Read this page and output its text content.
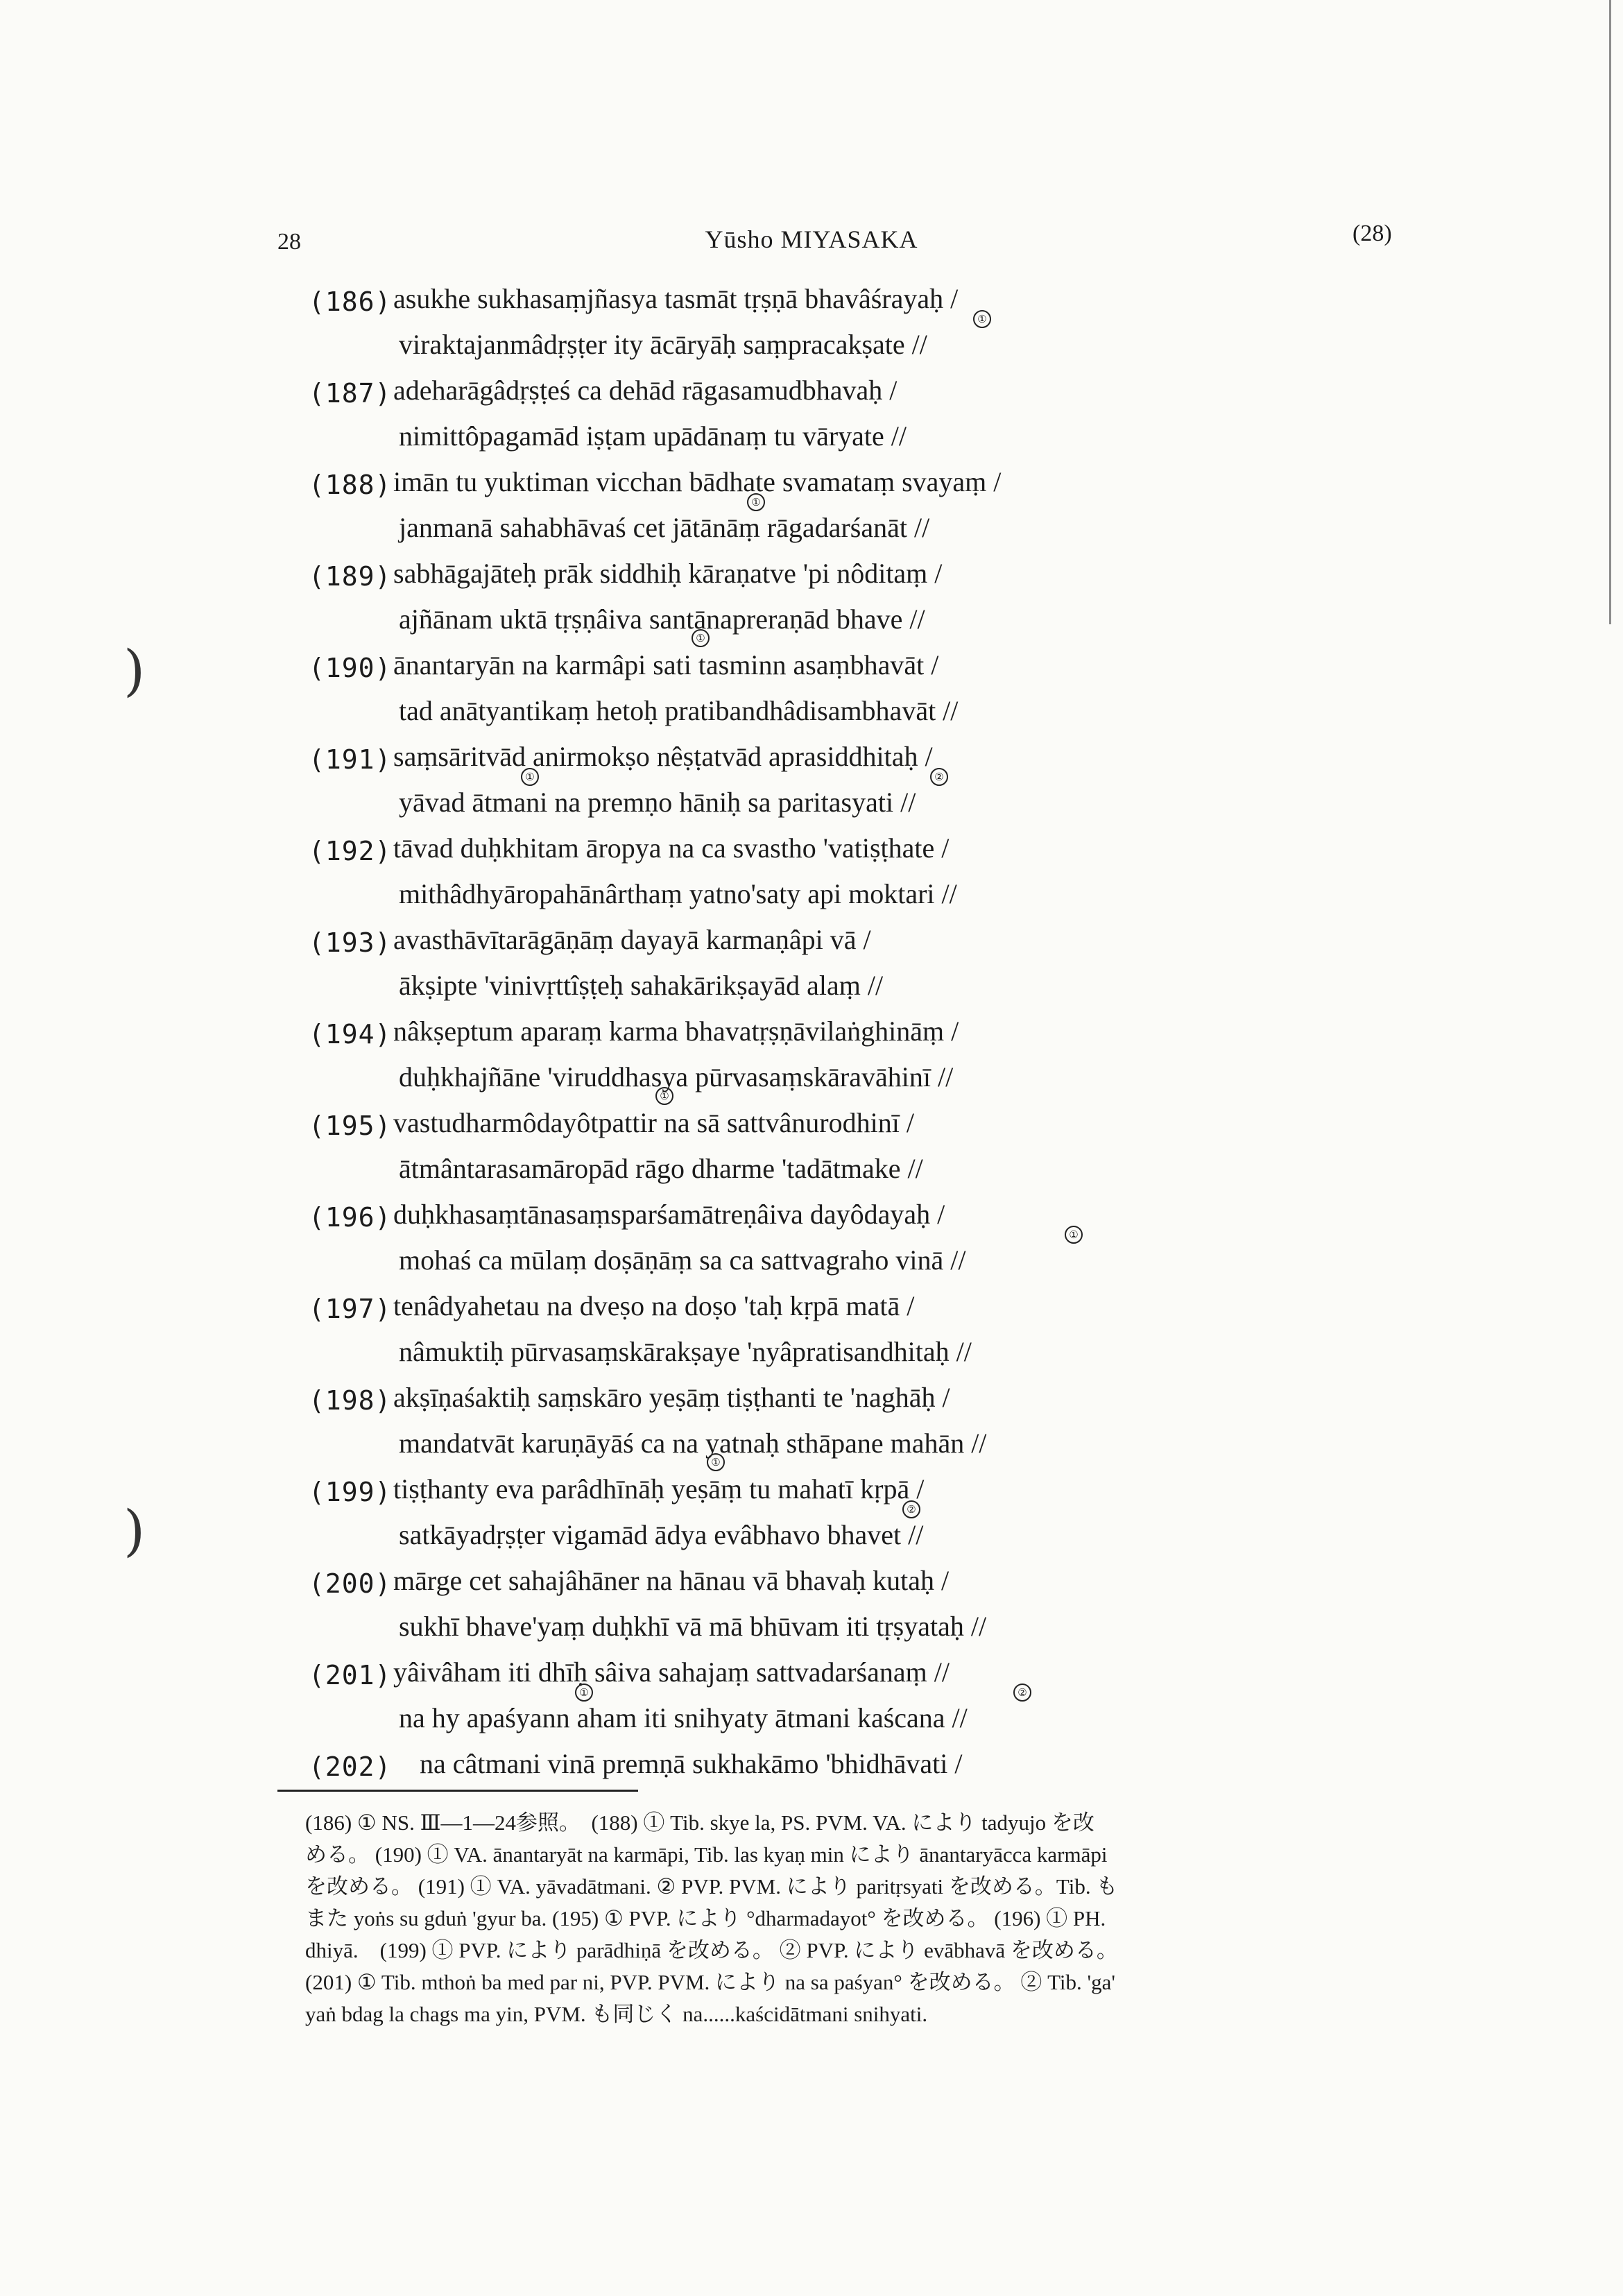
28	Yūsho MIYASAKA	(28)
(186) asukhe sukhasaṃjñasya tasmāt tṛṣṇā bhavâśrayaḥ /
viraktajanmâdṛṣṭer ity ācāryāḥ saṃpracakṣate //
①
(187) adeharāgâdṛṣṭeś ca dehād rāgasamudbhavaḥ /
nimittôpagamād iṣṭam upādānaṃ tu vāryate //
(188) imān tu yuktiman vicchan bādhate svamataṃ svayaṃ /
janmanā sahabhāvaś cet jātānāṃ rāgadarśanāt //
①
(189) sabhāgajāteḥ prāk siddhiḥ kāraṇatve 'pi nôditaṃ /
ajñānam uktā tṛṣṇâiva santānapreraṇād bhave //
(190) ānantaryān na karmâpi sati tasminn asaṃbhavāt /
tad anātyantikaṃ hetoḥ pratibandhâdisambhavāt //
①
(191) saṃsāritvād anirmokṣo nêṣṭatvād aprasiddhitaḥ /
yāvad ātmani na premṇo hāniḥ sa paritasyati //
①	②
(192) tāvad duḥkhitam āropya na ca svastho 'vatiṣṭhate /
mithâdhyāropahānârthaṃ yatno'saty api moktari //
(193) avasthāvītarāgāṇāṃ dayayā karmaṇâpi vā /
ākṣipte 'vinivṛttîṣṭeḥ sahakārikṣayād alaṃ //
(194) nâkṣeptum aparaṃ karma bhavatṛṣṇāvilaṅghināṃ /
duḥkhajñāne 'viruddhasya pūrvasaṃskāravāhinī //
(195) vastudharmôdayôtpattir na sā sattvânurodhinī /
ātmântarasamāropād rāgo dharme 'tadātmake //
①
(196) duḥkhasaṃtānasaṃsparśamātreṇâiva dayôdayaḥ /
mohaś ca mūlaṃ doṣāṇāṃ sa ca sattvagraho vinā //
①
(197) tenâdyahetau na dveṣo na doṣo 'taḥ kṛpā matā /
nâmuktiḥ pūrvasaṃskārakṣaye 'nyâpratisandhitaḥ //
(198) akṣīṇaśaktiḥ saṃskāro yeṣāṃ tiṣṭhanti te 'naghāḥ /
mandatvāt karuṇāyāś ca na yatnaḥ sthāpane mahān //
(199) tiṣṭhanty eva parâdhīnāḥ yeṣāṃ tu mahatī kṛpā /
satkāyadṛṣṭer vigamād ādya evâbhavo bhavet //
①
②
(200) mārge cet sahajâhāner na hānau vā bhavaḥ kutaḥ /
sukhī bhave'yaṃ duḥkhī vā mā bhūvam iti tṛṣyataḥ //
(201) yâivâham iti dhīḥ sâiva sahajaṃ sattvadarśanaṃ //
na hy apaśyann aham iti snihyaty ātmani kaścana //
①	②
(202) na câtmani vinā premṇā sukhakāmo 'bhidhāvati /
)
)
(186) ① NS. Ⅲ—1—24参照。　(188) ① Tib. skye la, PS. PVM. VA. により tadyujo を改
める。 (190) ① VA. ānantaryāt na karmāpi, Tib. las kyaṇ min により ānantaryācca karmāpi
を改める。 (191) ① VA. yāvadātmani. ② PVP. PVM. により paritṛsyati を改める。Tib. も
また yoṅs su gduṅ 'gyur ba. (195) ① PVP. により °dharmadayot° を改める。 (196) ① PH.
dhiyā.　(199) ① PVP. により parādhiṇā を改める。 ② PVP. により evābhavā を改める。
(201) ① Tib. mthoṅ ba med par ni, PVP. PVM. により na sa paśyan° を改める。 ② Tib. 'ga'
yaṅ bdag la chags ma yin, PVM. も同じく na......kaścidātmani snihyati.
